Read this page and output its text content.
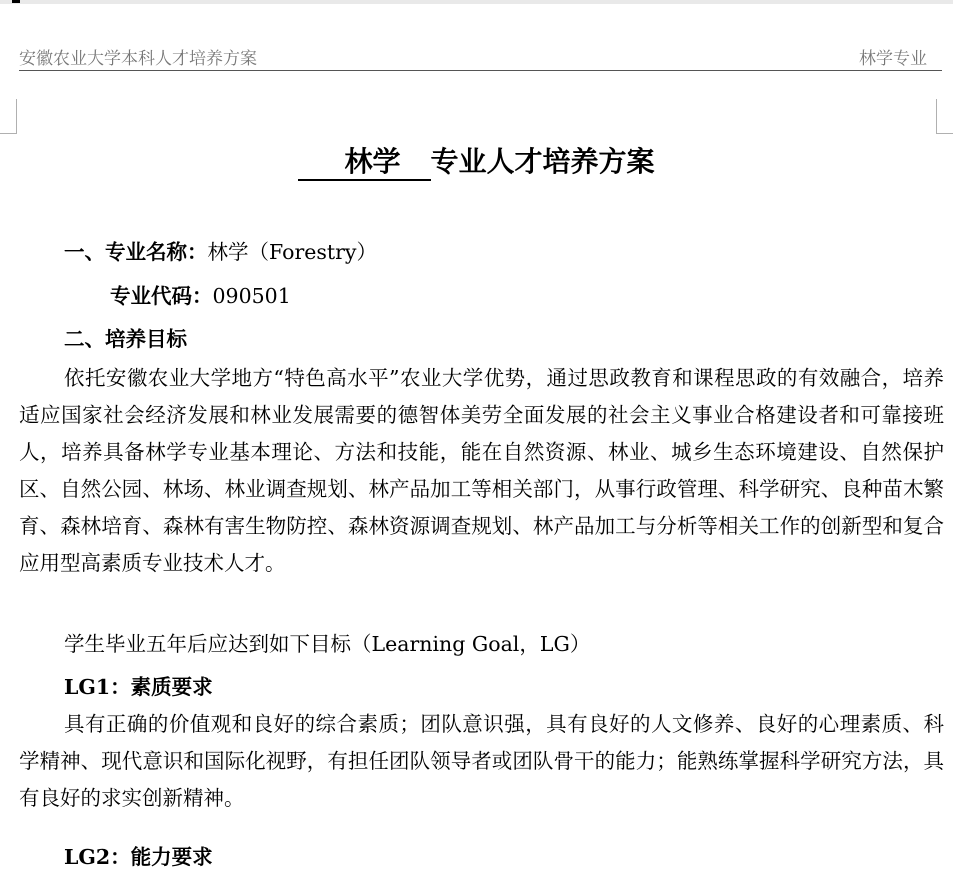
安徽农业大学本科人才培养方案	林学专业
林学 专业人才培养方案
一、专业名称：林学（Forestry）
专业代码：090501
二、培养目标

依托安徽农业大学地方“特色高水平”农业大学优势，通过思政教育和课程思政的有效融合，培养适应国家社会经济发展和林业发展需要的德智体美劳全面发展的社会主义事业合格建设者和可靠接班人，培养具备林学专业基本理论、方法和技能，能在自然资源、林业、城乡生态环境建设、自然保护区、自然公园、林场、林业调查规划、林产品加工等相关部门，从事行政管理、科学研究、良种苗木繁育、森林培育、森林有害生物防控、森林资源调查规划、林产品加工与分析等相关工作的创新型和复合应用型高素质专业技术人才。

学生毕业五年后应达到如下目标（Learning Goal，LG）
LG1：素质要求

具有正确的价值观和良好的综合素质；团队意识强，具有良好的人文修养、良好的心理素质、科学精神、现代意识和国际化视野，有担任团队领导者或团队骨干的能力；能熟练掌握科学研究方法，具有良好的求实创新精神。

LG2：能力要求
